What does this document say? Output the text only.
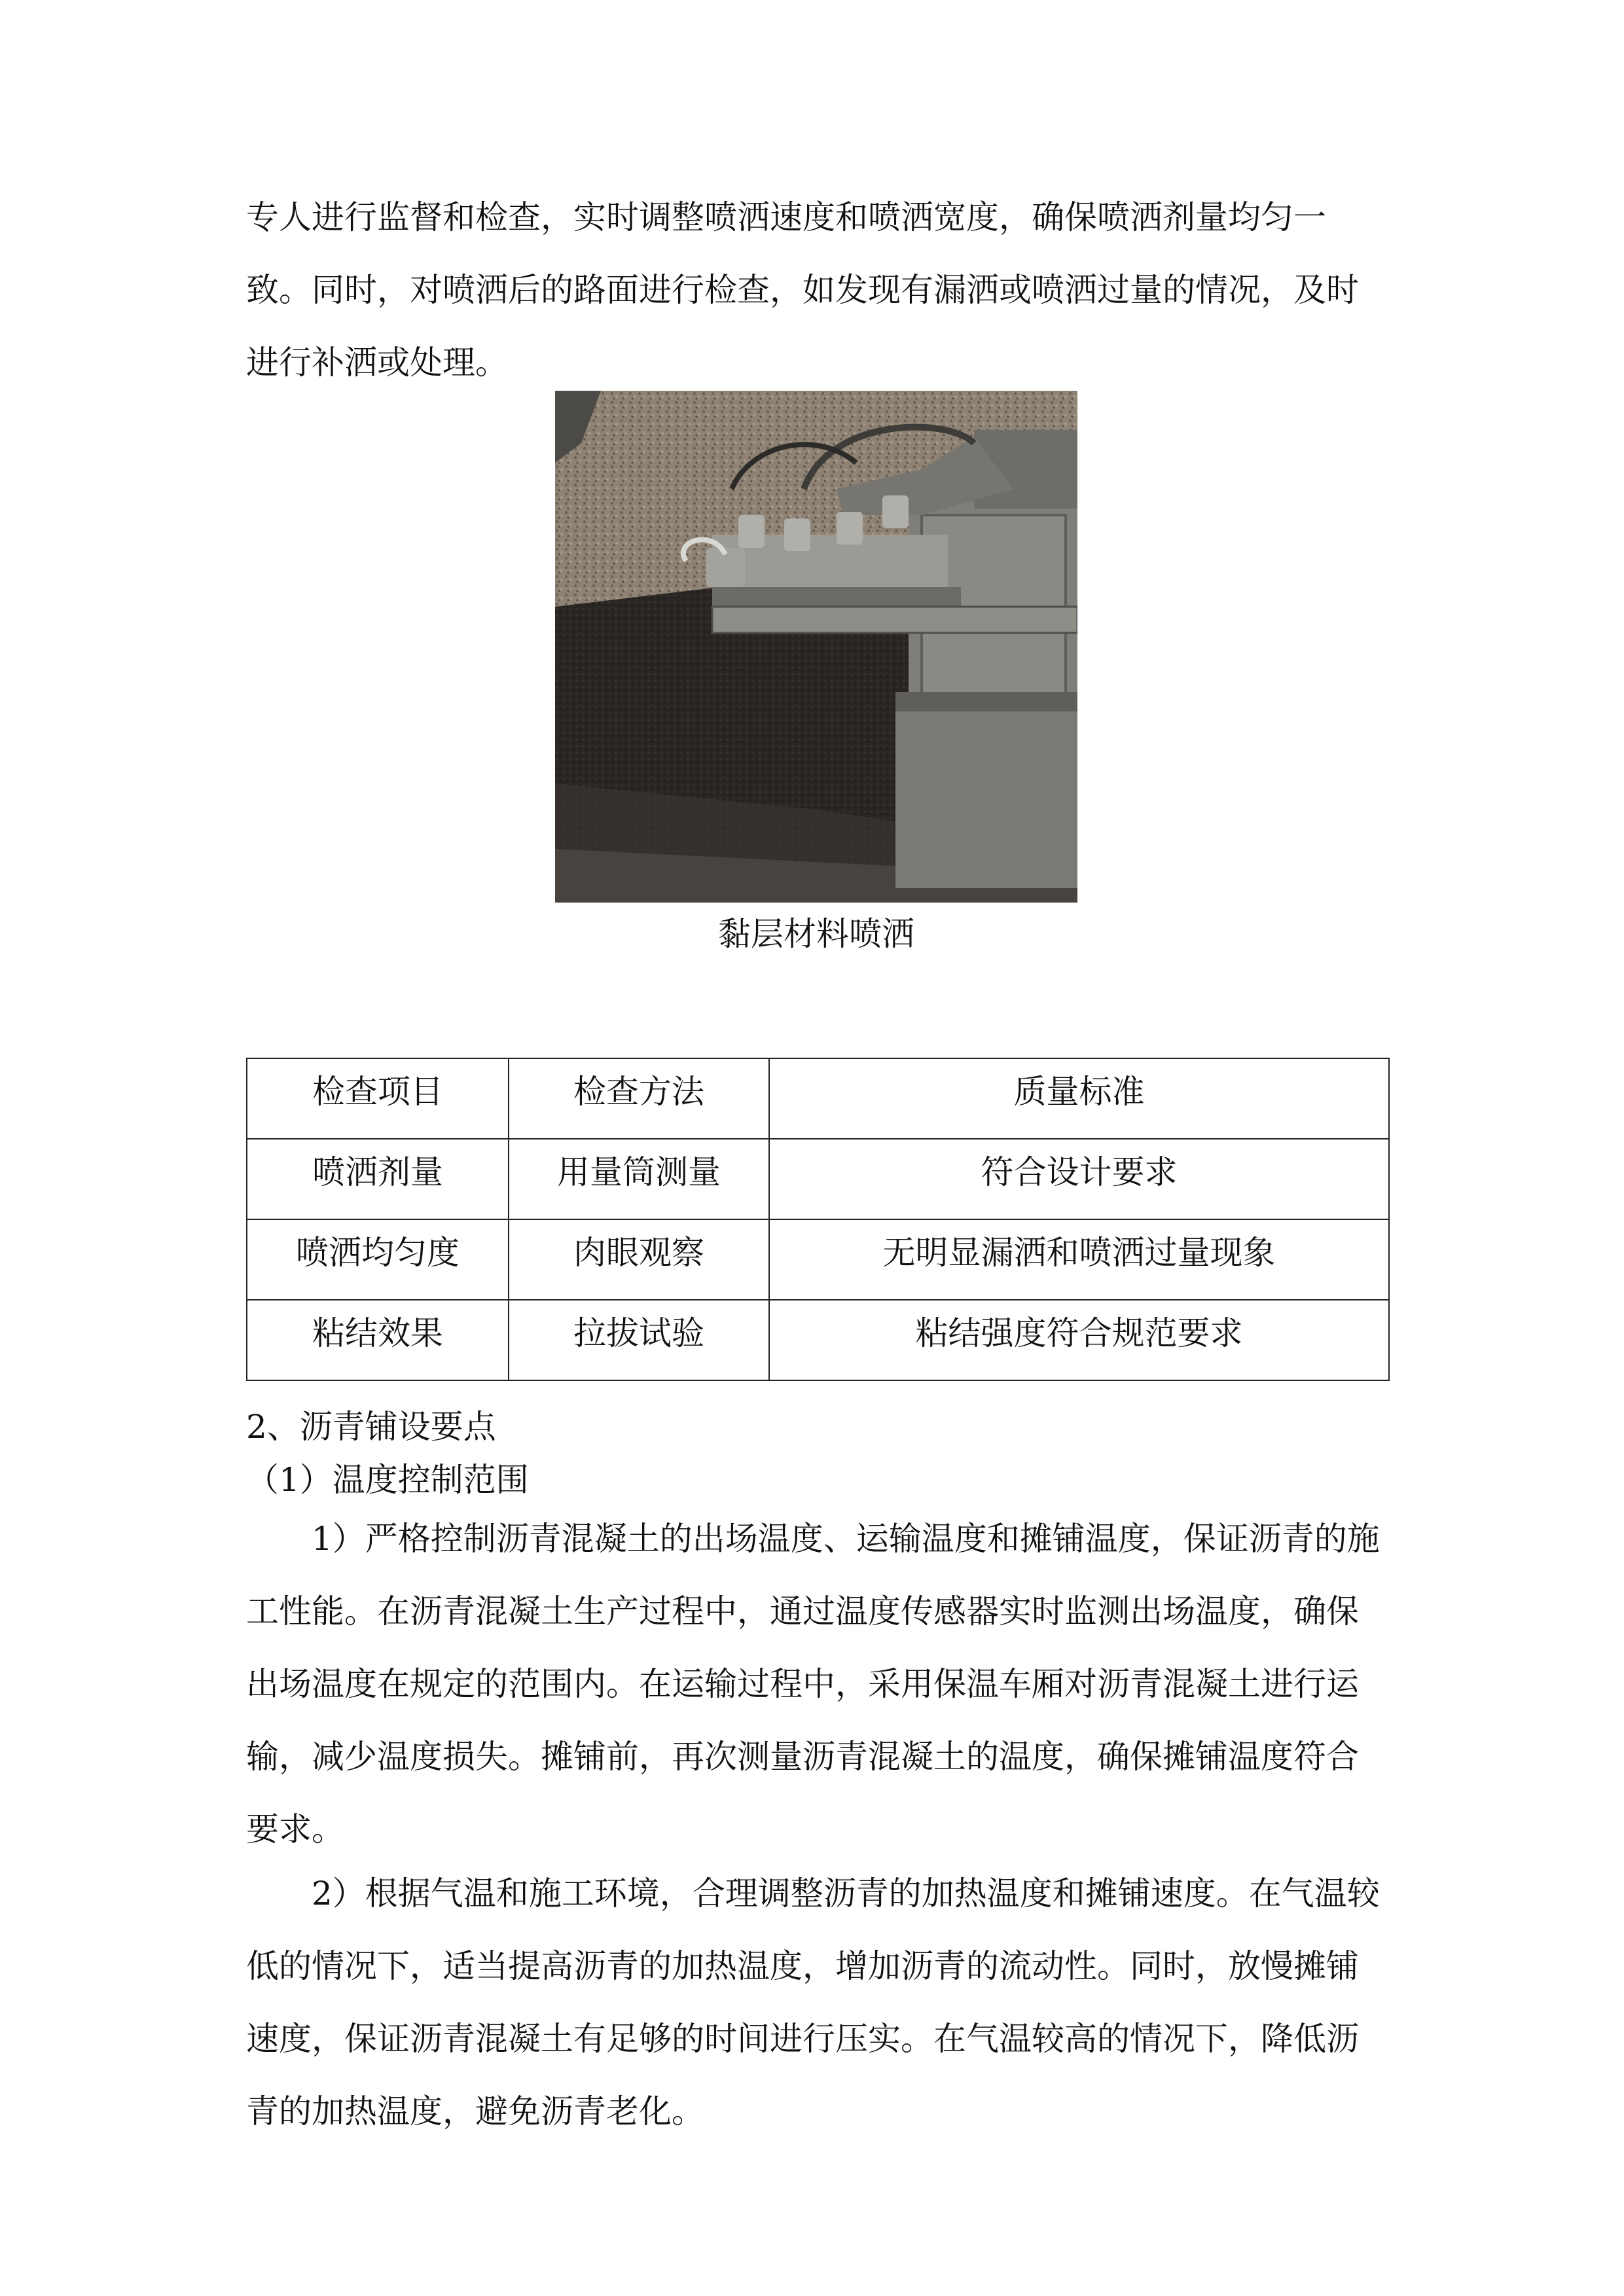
专人进行监督和检查，实时调整喷洒速度和喷洒宽度，确保喷洒剂量均匀一致。同时，对喷洒后的路面进行检查，如发现有漏洒或喷洒过量的情况，及时进行补洒或处理。

黏层材料喷洒
检查项目	检查方法	质量标准
喷洒剂量	用量筒测量	符合设计要求
喷洒均匀度	肉眼观察	无明显漏洒和喷洒过量现象
粘结效果	拉拔试验	粘结强度符合规范要求

2、沥青铺设要点

（1）温度控制范围

1）严格控制沥青混凝土的出场温度、运输温度和摊铺温度，保证沥青的施工性能。在沥青混凝土生产过程中，通过温度传感器实时监测出场温度，确保出场温度在规定的范围内。在运输过程中，采用保温车厢对沥青混凝土进行运输，减少温度损失。摊铺前，再次测量沥青混凝土的温度，确保摊铺温度符合要求。

2）根据气温和施工环境，合理调整沥青的加热温度和摊铺速度。在气温较低的情况下，适当提高沥青的加热温度，增加沥青的流动性。同时，放慢摊铺速度，保证沥青混凝土有足够的时间进行压实。在气温较高的情况下，降低沥青的加热温度，避免沥青老化。
